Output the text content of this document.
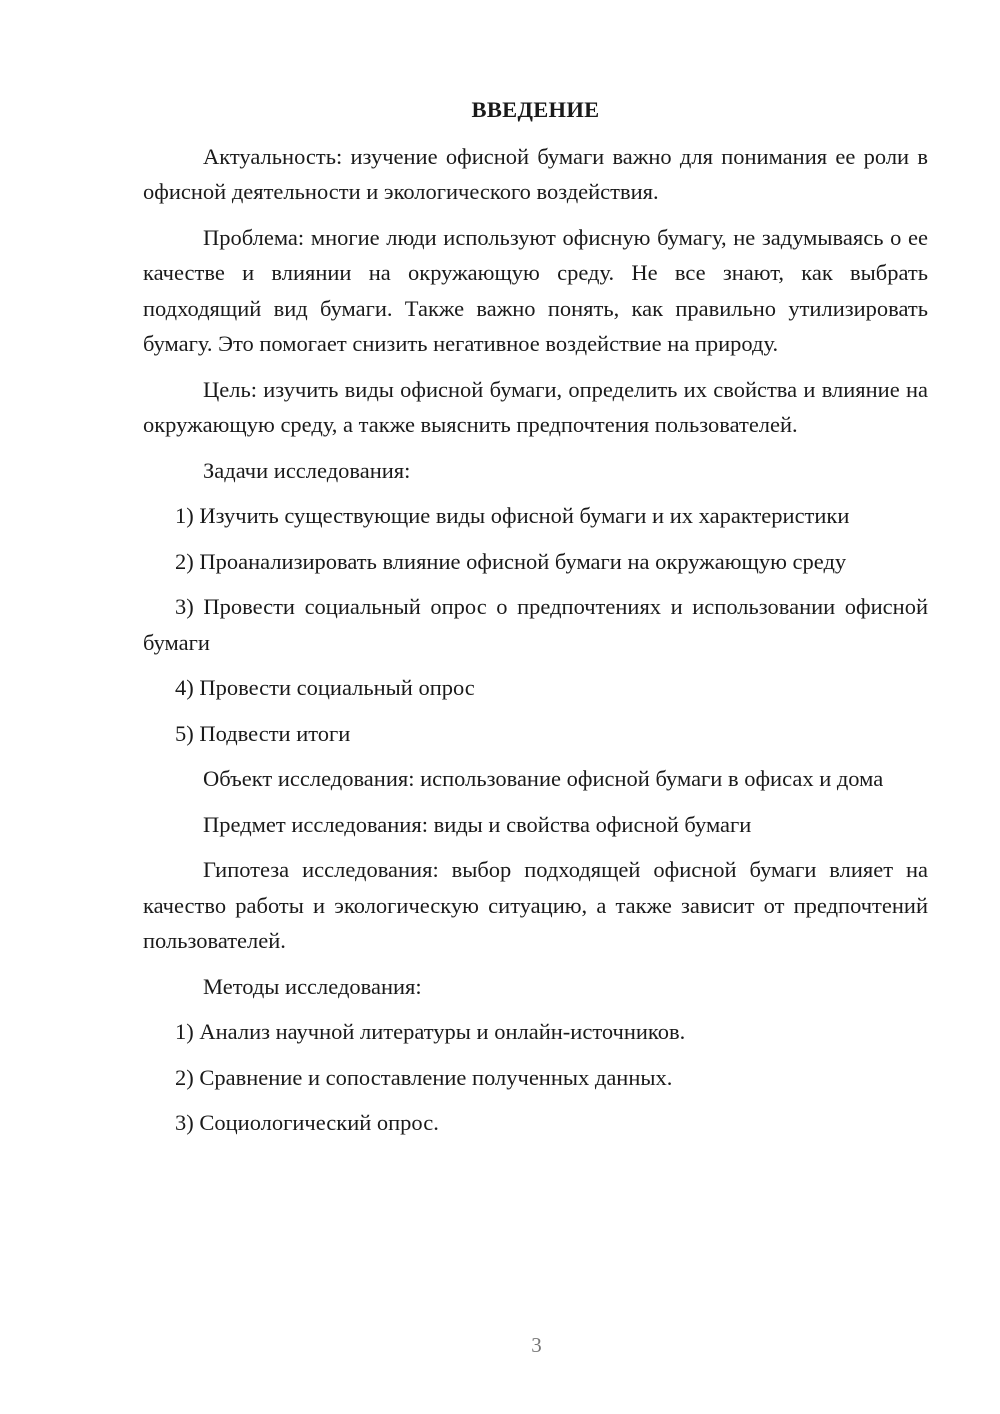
ВВЕДЕНИЕ

Актуальность: изучение офисной бумаги важно для понимания ее роли в офисной деятельности и экологического воздействия.

Проблема: многие люди используют офисную бумагу, не задумываясь о ее качестве и влиянии на окружающую среду. Не все знают, как выбрать подходящий вид бумаги. Также важно понять, как правильно утилизировать бумагу. Это помогает снизить негативное воздействие на природу.

Цель: изучить виды офисной бумаги, определить их свойства и влияние на окружающую среду, а также выяснить предпочтения пользователей.

Задачи исследования:

1) Изучить существующие виды офисной бумаги и их характеристики

2) Проанализировать влияние офисной бумаги на окружающую среду

3) Провести социальный опрос о предпочтениях и использовании офисной бумаги

4) Провести социальный опрос

5) Подвести итоги

Объект исследования: использование офисной бумаги в офисах и дома

Предмет исследования: виды и свойства офисной бумаги

Гипотеза исследования: выбор подходящей офисной бумаги влияет на качество работы и экологическую ситуацию, а также зависит от предпочтений пользователей.

Методы исследования:

1) Анализ научной литературы и онлайн-источников.

2) Сравнение и сопоставление полученных данных.

3) Социологический опрос.

3
